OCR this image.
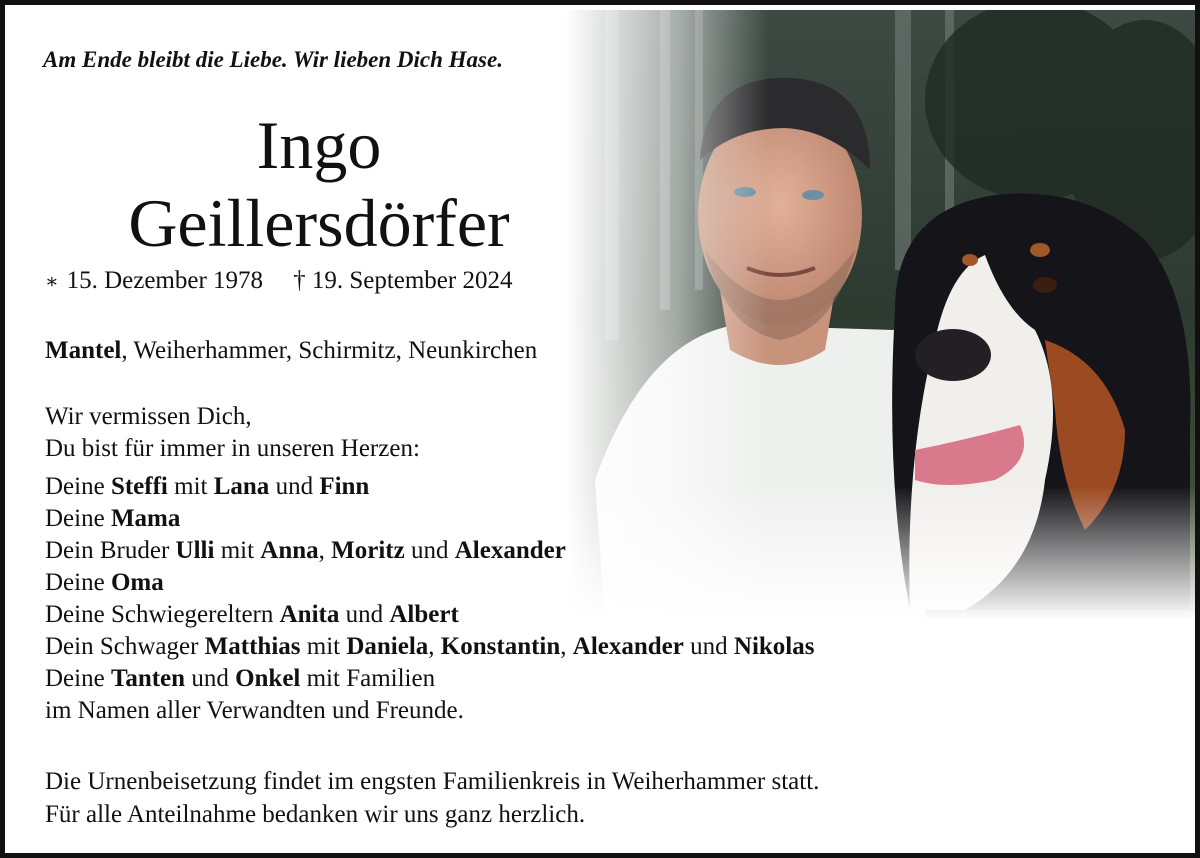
Am Ende bleibt die Liebe. Wir lieben Dich Hase.
Ingo
Geillersdörfer
∗ 15. Dezember 1978 † 19. September 2024
Mantel, Weiherhammer, Schirmitz, Neunkirchen
Wir vermissen Dich,
Du bist für immer in unseren Herzen:
Deine Steffi mit Lana und Finn
Deine Mama
Dein Bruder Ulli mit Anna, Moritz und Alexander
Deine Oma
Deine Schwiegereltern Anita und Albert
Dein Schwager Matthias mit Daniela, Konstantin, Alexander und Nikolas
Deine Tanten und Onkel mit Familien
im Namen aller Verwandten und Freunde.
Die Urnenbeisetzung findet im engsten Familienkreis in Weiherhammer statt.
Für alle Anteilnahme bedanken wir uns ganz herzlich.
